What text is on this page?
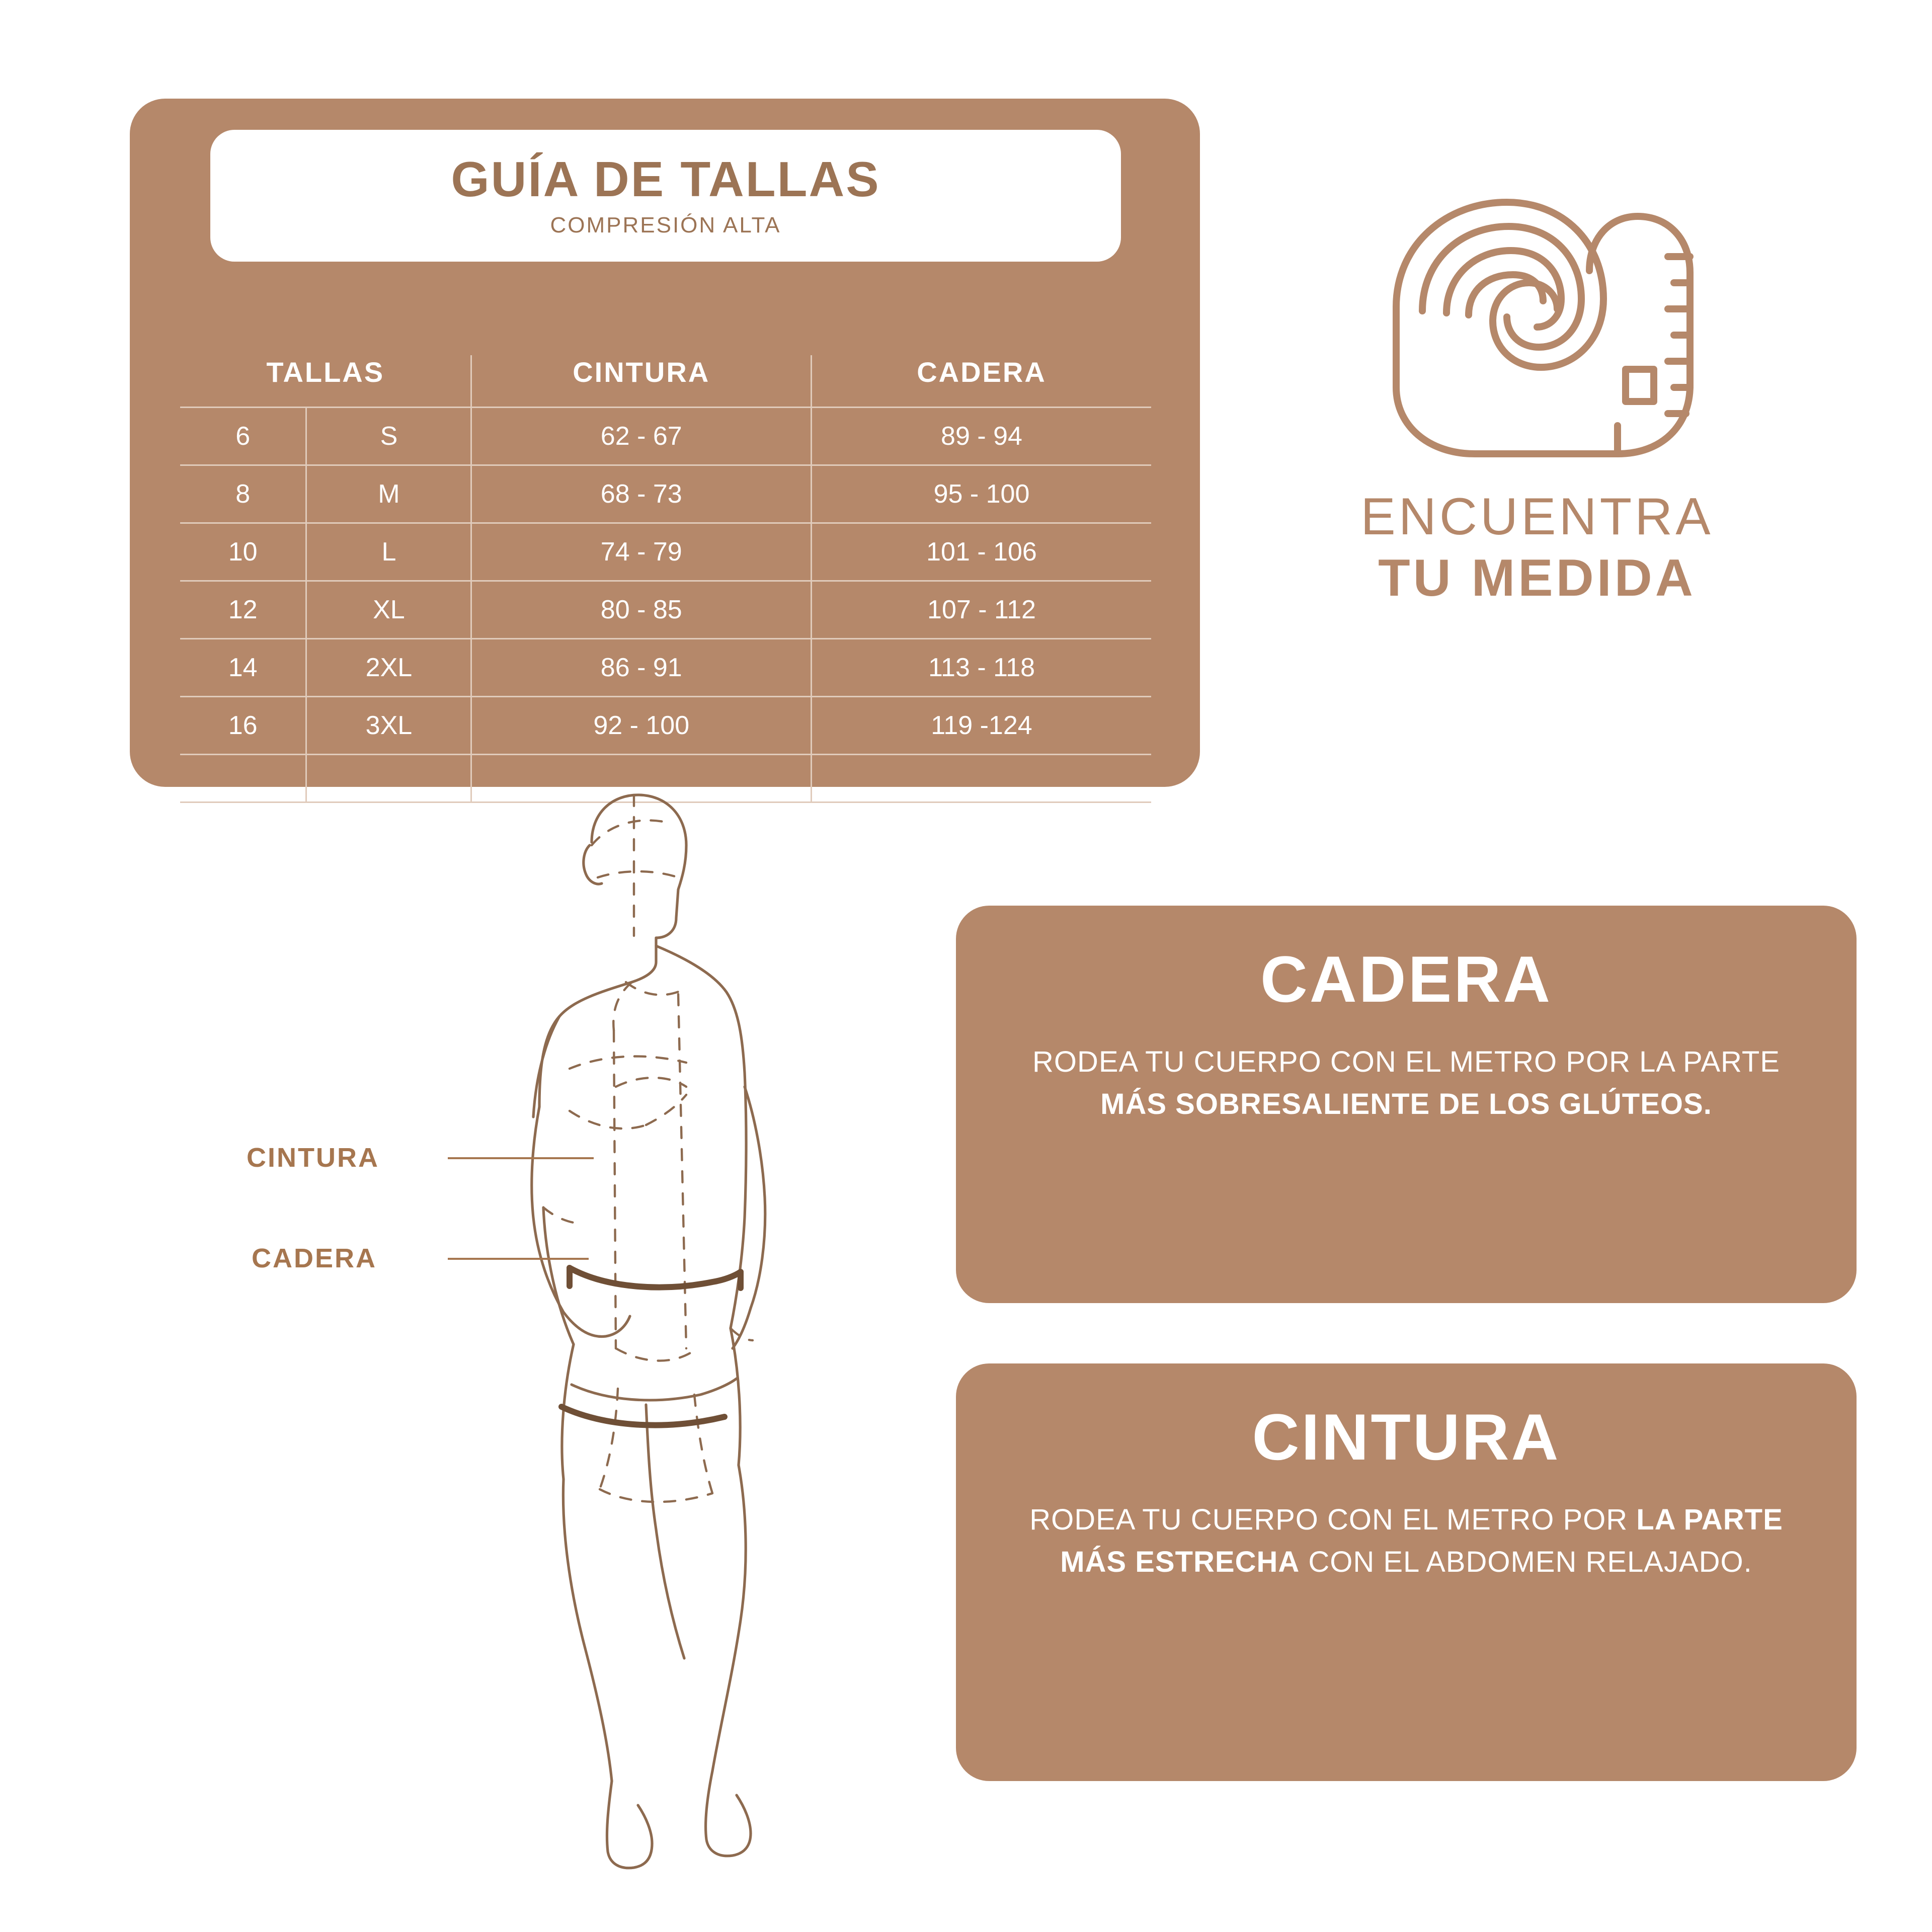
GUÍA DE TALLAS
COMPRESIÓN ALTA
TALLAS		CINTURA	CADERA
6	S	62 - 67	89 - 94
8	M	68 - 73	95 - 100
10	L	74 - 79	101 - 106
12	XL	80 - 85	107 - 112
14	2XL	86 - 91	113 - 118
16	3XL	92 - 100	119 -124

ENCUENTRA
TU MEDIDA
CINTURA
CADERA
CADERA
RODEA TU CUERPO CON EL METRO POR LA PARTE MÁS SOBRESALIENTE DE LOS GLÚTEOS.
CINTURA
RODEA TU CUERPO CON EL METRO POR LA PARTE MÁS ESTRECHA CON EL ABDOMEN RELAJADO.
